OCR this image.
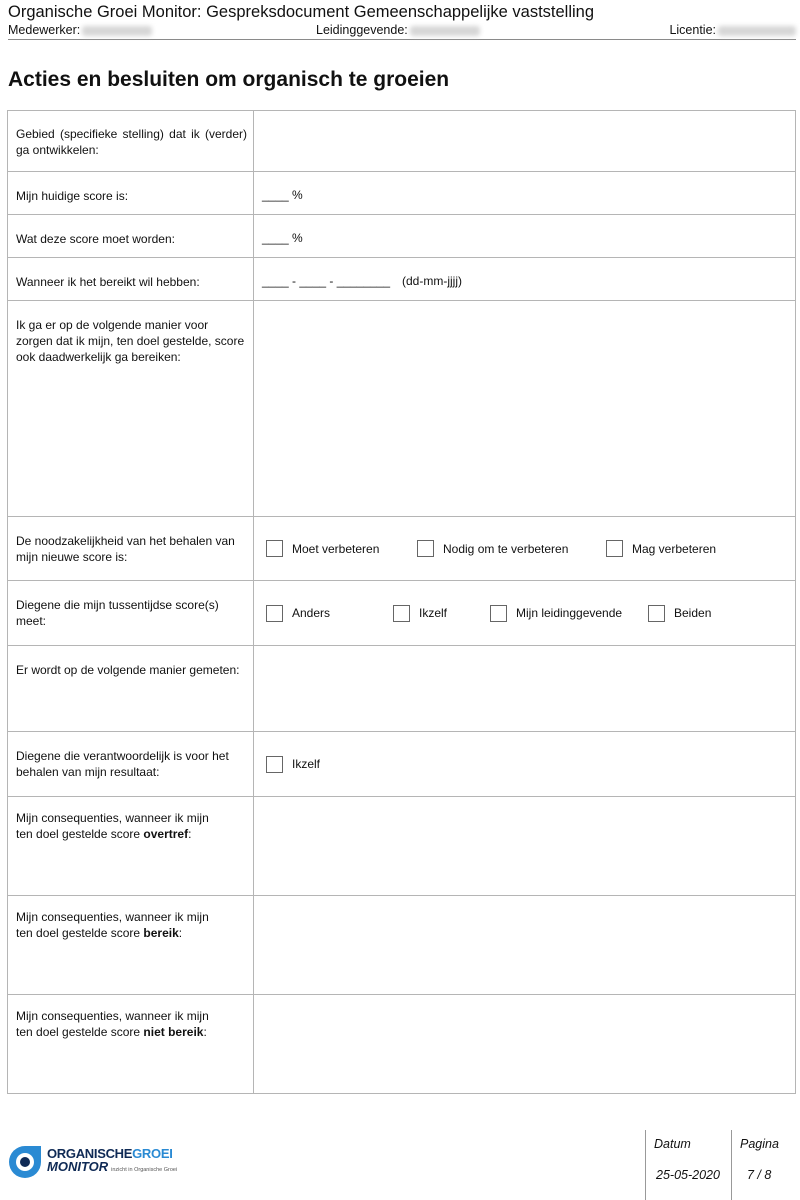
Organische Groei Monitor: Gespreksdocument Gemeenschappelijke vaststelling
Medewerker:	Leidinggevende:	Licentie:
Acties en besluiten om organisch te groeien
Gebied (specifieke stelling) dat ik (verder) ga ontwikkelen:	

Mijn huidige score is:	____ %

Wat deze score moet worden:	____ %

Wanneer ik het bereikt wil hebben:	____ - ____ - ________ (dd-mm-jjjj)

Ik ga er op de volgende manier voor zorgen dat ik mijn, ten doel gestelde, score ook daadwerkelijk ga bereiken:	

De noodzakelijkheid van het behalen van mijn nieuwe score is:	Moet verbeteren Nodig om te verbeteren Mag verbeteren

Diegene die mijn tussentijdse score(s) meet:	Anders Ikzelf Mijn leidinggevende Beiden

Er wordt op de volgende manier gemeten:	

Diegene die verantwoordelijk is voor het behalen van mijn resultaat:	Ikzelf

Mijn consequenties, wanneer ik mijn ten doel gestelde score overtref:	

Mijn consequenties, wanneer ik mijn ten doel gestelde score bereik:	

Mijn consequenties, wanneer ik mijn ten doel gestelde score niet bereik:	

ORGANISCHEGROEI
MONITOR inzicht in Organische Groei
Datum
25-05-2020
Pagina
7 / 8
